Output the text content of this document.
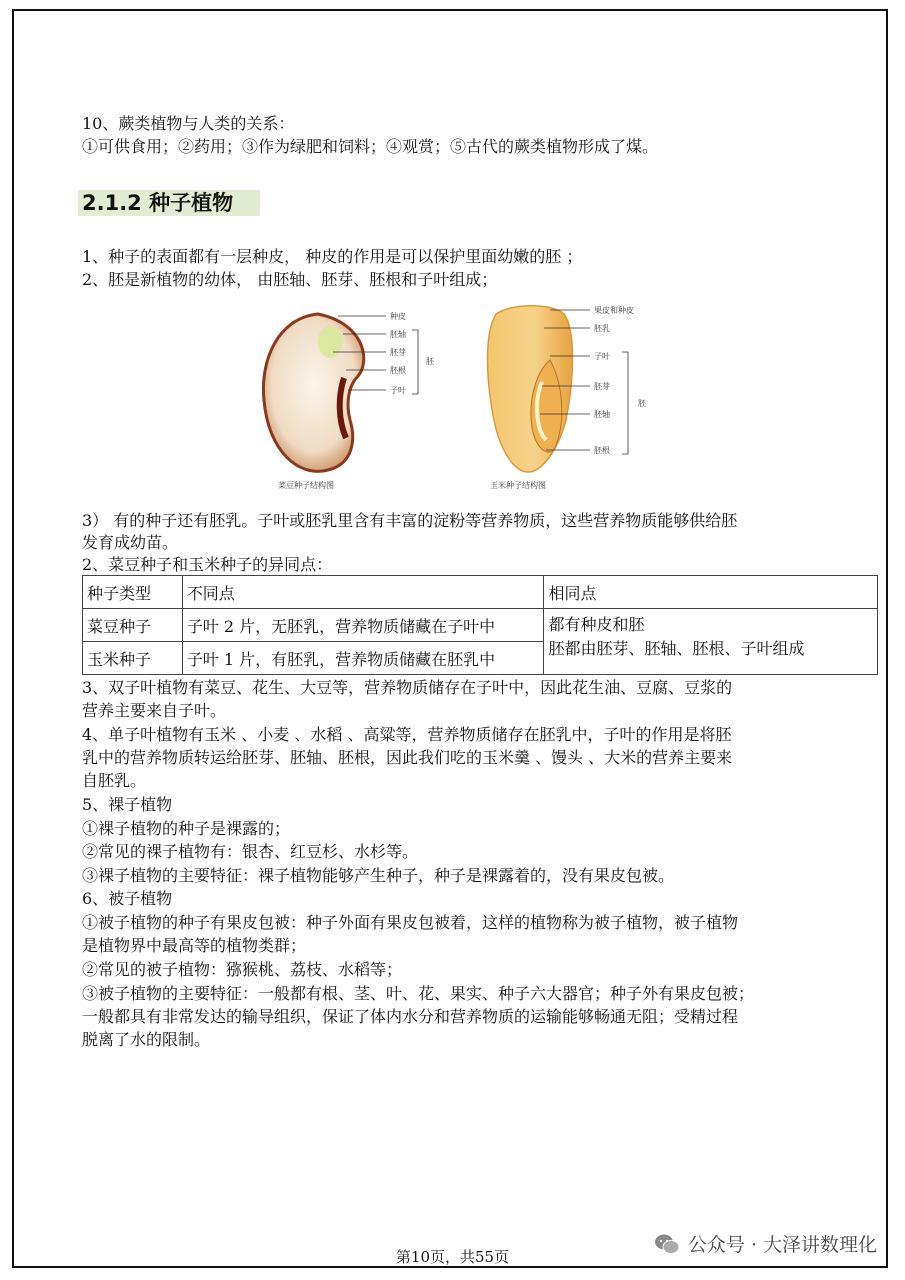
10、蕨类植物与人类的关系：

①可供食用；②药用；③作为绿肥和饲料；④观赏；⑤古代的蕨类植物形成了煤。

2.1.2 种子植物

1、种子的表面都有一层种皮， 种皮的作用是可以保护里面幼嫩的胚 ；

2、胚是新植物的幼体， 由胚轴、胚芽、胚根和子叶组成；

种皮
胚轴
胚芽
胚根
子叶
胚
菜豆种子结构图
果皮和种皮
胚乳
子叶
胚芽
胚轴
胚根
胚
玉米种子结构图

3） 有的种子还有胚乳。子叶或胚乳里含有丰富的淀粉等营养物质，这些营养物质能够供给胚

发育成幼苗。

2、菜豆种子和玉米种子的异同点：

种子类型	不同点	相同点
菜豆种子	子叶 2 片，无胚乳，营养物质储藏在子叶中	都有种皮和胚
胚都由胚芽、胚轴、胚根、子叶组成

玉米种子	子叶 1 片，有胚乳，营养物质储藏在胚乳中	

3、双子叶植物有菜豆、花生、大豆等，营养物质储存在子叶中，因此花生油、豆腐、豆浆的

营养主要来自子叶。

4、单子叶植物有玉米 、小麦 、水稻 、高粱等，营养物质储存在胚乳中，子叶的作用是将胚

乳中的营养物质转运给胚芽、胚轴、胚根，因此我们吃的玉米羹 、馒头 、大米的营养主要来

自胚乳。

5、裸子植物

①裸子植物的种子是裸露的；

②常见的裸子植物有：银杏、红豆杉、水杉等。

③裸子植物的主要特征：裸子植物能够产生种子，种子是裸露着的，没有果皮包被。

6、被子植物

①被子植物的种子有果皮包被：种子外面有果皮包被着，这样的植物称为被子植物，被子植物

是植物界中最高等的植物类群；

②常见的被子植物：猕猴桃、荔枝、水稻等；

③被子植物的主要特征：一般都有根、茎、叶、花、果实、种子六大器官；种子外有果皮包被；

一般都具有非常发达的输导组织，保证了体内水分和营养物质的运输能够畅通无阻；受精过程

脱离了水的限制。

公众号 · 大泽讲数理化
第10页，共55页
